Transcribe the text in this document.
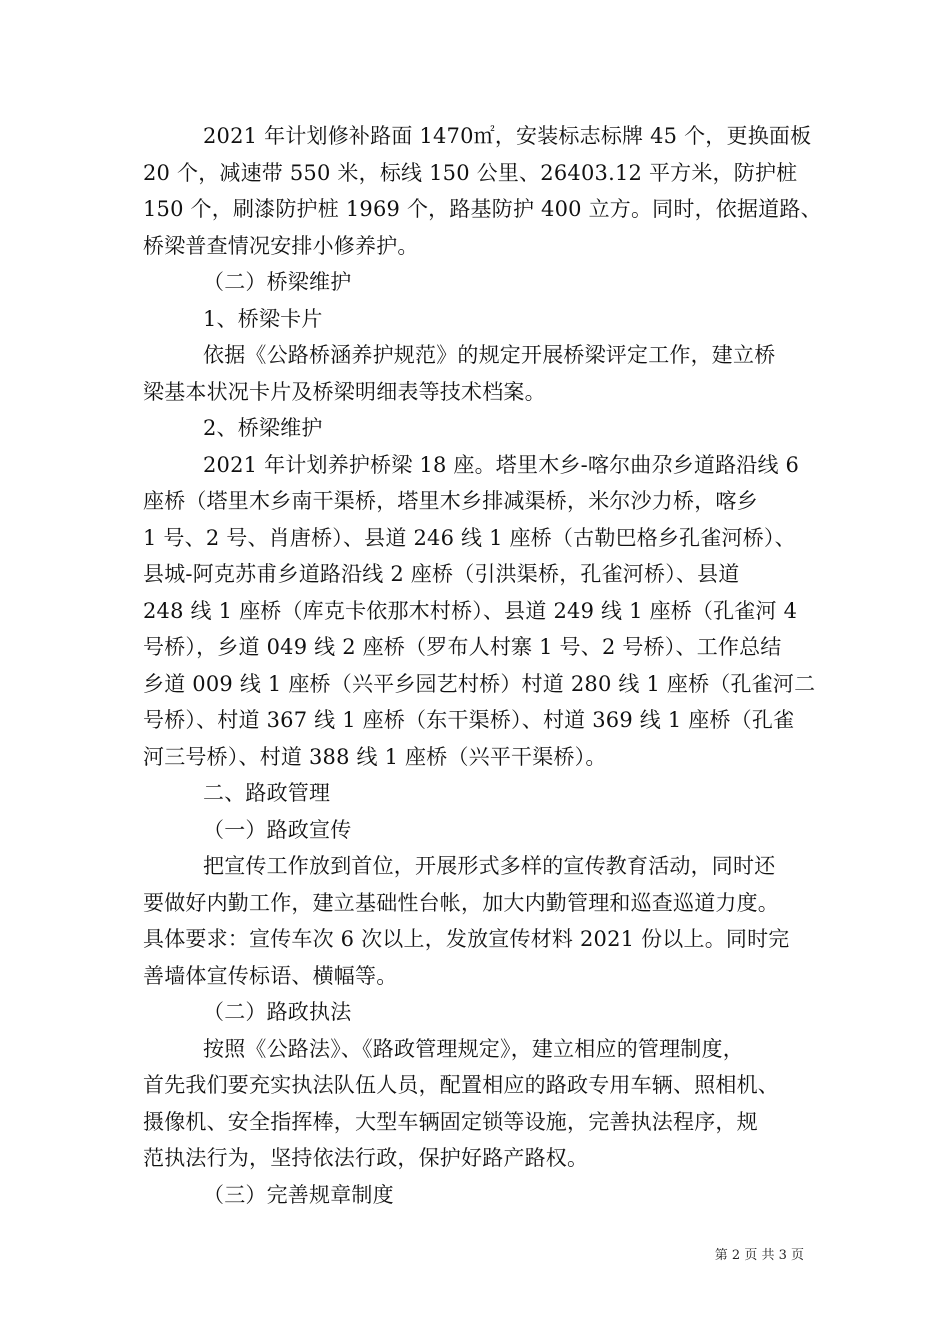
2021 年计划修补路面 1470㎡，安装标志标牌 45 个，更换面板
20 个，减速带 550 米，标线 150 公里、26403.12 平方米，防护桩
150 个，刷漆防护桩 1969 个，路基防护 400 立方。同时，依据道路、
桥梁普查情况安排小修养护。
（二）桥梁维护
1、桥梁卡片
依据《公路桥涵养护规范》的规定开展桥梁评定工作，建立桥
梁基本状况卡片及桥梁明细表等技术档案。
2、桥梁维护
2021 年计划养护桥梁 18 座。塔里木乡-喀尔曲尕乡道路沿线 6
座桥（塔里木乡南干渠桥，塔里木乡排减渠桥，米尔沙力桥，喀乡
1 号、2 号、肖唐桥）、县道 246 线 1 座桥（古勒巴格乡孔雀河桥）、
县城-阿克苏甫乡道路沿线 2 座桥（引洪渠桥，孔雀河桥）、县道
248 线 1 座桥（库克卡依那木村桥）、县道 249 线 1 座桥（孔雀河 4
号桥），乡道 049 线 2 座桥（罗布人村寨 1 号、2 号桥）、工作总结
乡道 009 线 1 座桥（兴平乡园艺村桥）村道 280 线 1 座桥（孔雀河二
号桥）、村道 367 线 1 座桥（东干渠桥）、村道 369 线 1 座桥（孔雀
河三号桥）、村道 388 线 1 座桥（兴平干渠桥）。
二、路政管理
（一）路政宣传
把宣传工作放到首位，开展形式多样的宣传教育活动，同时还
要做好内勤工作，建立基础性台帐，加大内勤管理和巡查巡道力度。
具体要求：宣传车次 6 次以上，发放宣传材料 2021 份以上。同时完
善墙体宣传标语、横幅等。
（二）路政执法
按照《公路法》、《路政管理规定》，建立相应的管理制度，
首先我们要充实执法队伍人员，配置相应的路政专用车辆、照相机、
摄像机、安全指挥棒，大型车辆固定锁等设施，完善执法程序，规
范执法行为，坚持依法行政，保护好路产路权。
（三）完善规章制度
第 2 页 共 3 页
